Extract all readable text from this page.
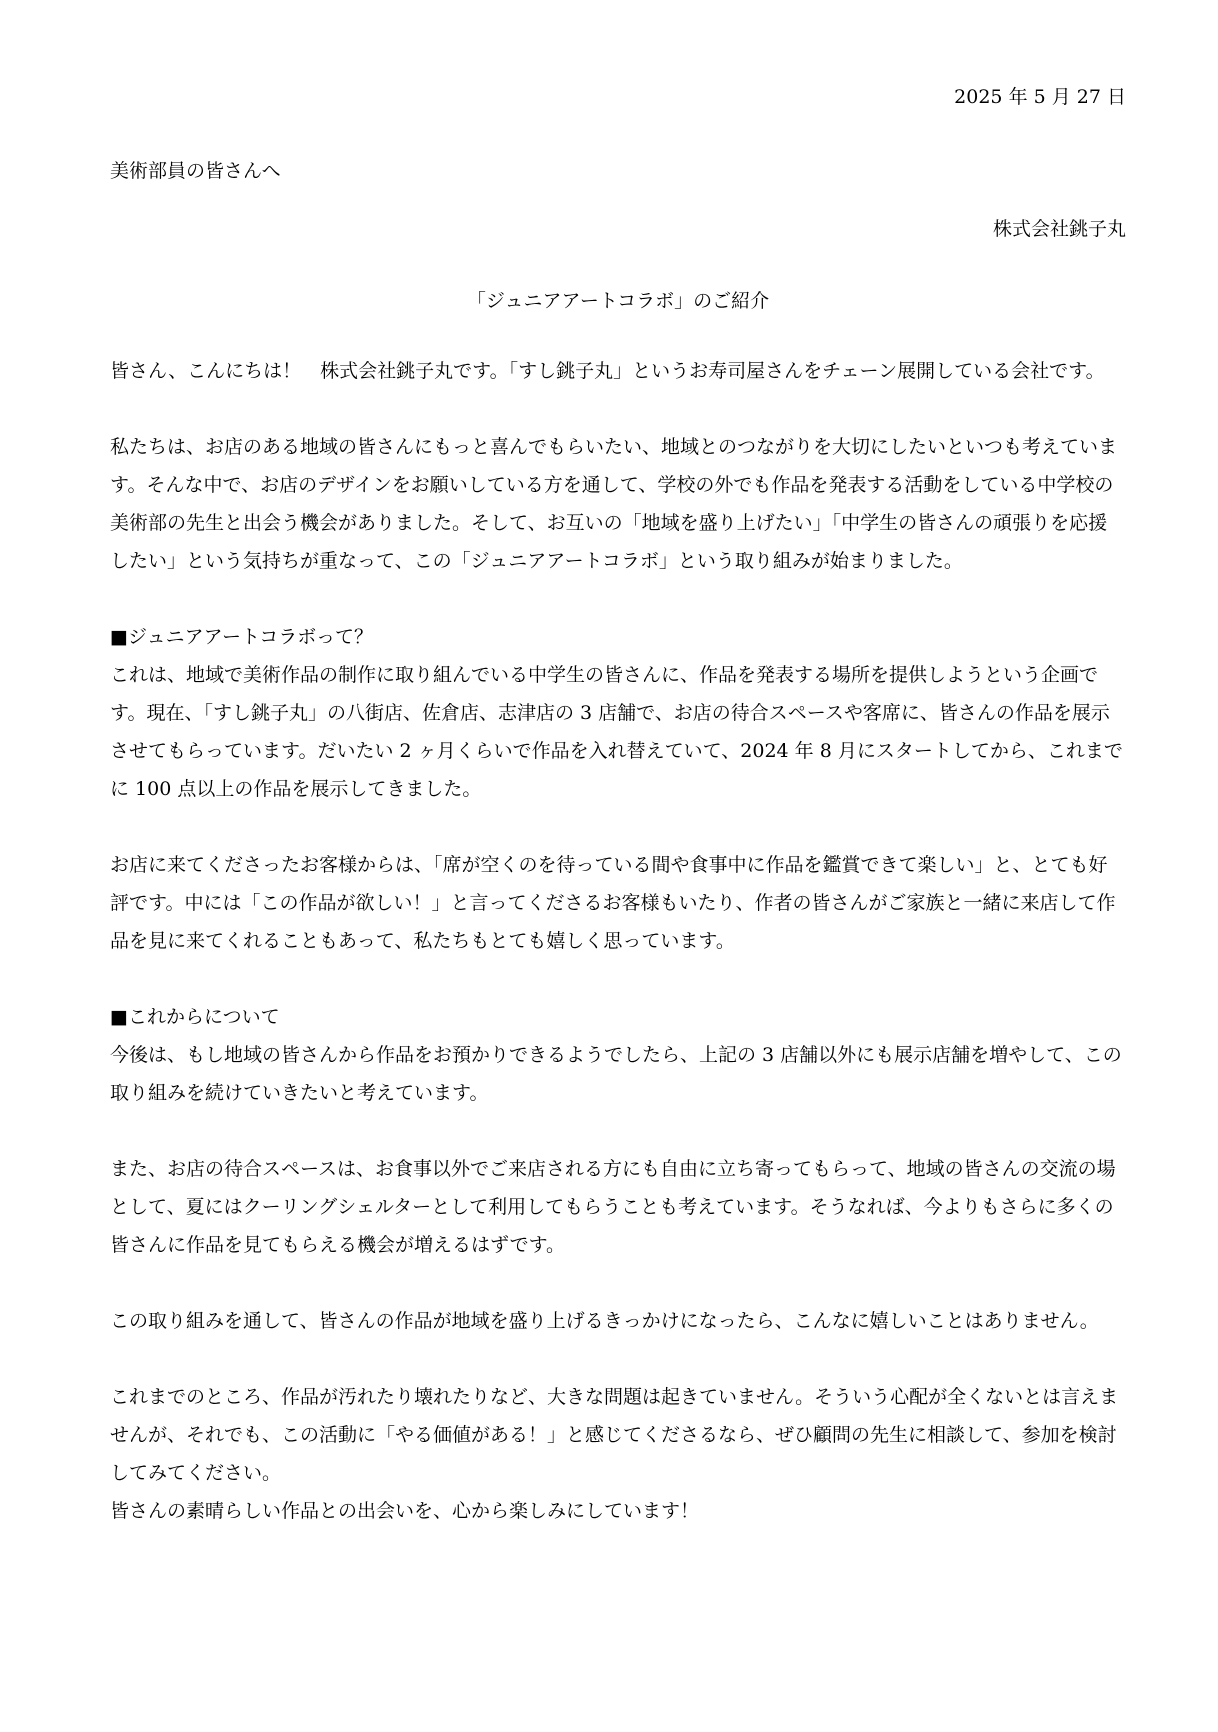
2025 年 5 月 27 日

美術部員の皆さんへ

株式会社銚子丸

「ジュニアアートコラボ」のご紹介

皆さん、こんにちは！　株式会社銚子丸です。「すし銚子丸」というお寿司屋さんをチェーン展開している会社です。

私たちは、お店のある地域の皆さんにもっと喜んでもらいたい、地域とのつながりを大切にしたいといつも考えています。そんな中で、お店のデザインをお願いしている方を通して、学校の外でも作品を発表する活動をしている中学校の美術部の先生と出会う機会がありました。そして、お互いの「地域を盛り上げたい」「中学生の皆さんの頑張りを応援したい」という気持ちが重なって、この「ジュニアアートコラボ」という取り組みが始まりました。

■ジュニアアートコラボって？

これは、地域で美術作品の制作に取り組んでいる中学生の皆さんに、作品を発表する場所を提供しようという企画です。現在、「すし銚子丸」の八街店、佐倉店、志津店の 3 店舗で、お店の待合スペースや客席に、皆さんの作品を展示させてもらっています。だいたい 2 ヶ月くらいで作品を入れ替えていて、2024 年 8 月にスタートしてから、これまでに 100 点以上の作品を展示してきました。

お店に来てくださったお客様からは、「席が空くのを待っている間や食事中に作品を鑑賞できて楽しい」と、とても好評です。中には「この作品が欲しい！」と言ってくださるお客様もいたり、作者の皆さんがご家族と一緒に来店して作品を見に来てくれることもあって、私たちもとても嬉しく思っています。

■これからについて

今後は、もし地域の皆さんから作品をお預かりできるようでしたら、上記の 3 店舗以外にも展示店舗を増やして、この取り組みを続けていきたいと考えています。

また、お店の待合スペースは、お食事以外でご来店される方にも自由に立ち寄ってもらって、地域の皆さんの交流の場として、夏にはクーリングシェルターとして利用してもらうことも考えています。そうなれば、今よりもさらに多くの皆さんに作品を見てもらえる機会が増えるはずです。

この取り組みを通して、皆さんの作品が地域を盛り上げるきっかけになったら、こんなに嬉しいことはありません。

これまでのところ、作品が汚れたり壊れたりなど、大きな問題は起きていません。そういう心配が全くないとは言えませんが、それでも、この活動に「やる価値がある！」と感じてくださるなら、ぜひ顧問の先生に相談して、参加を検討してみてください。

皆さんの素晴らしい作品との出会いを、心から楽しみにしています！
